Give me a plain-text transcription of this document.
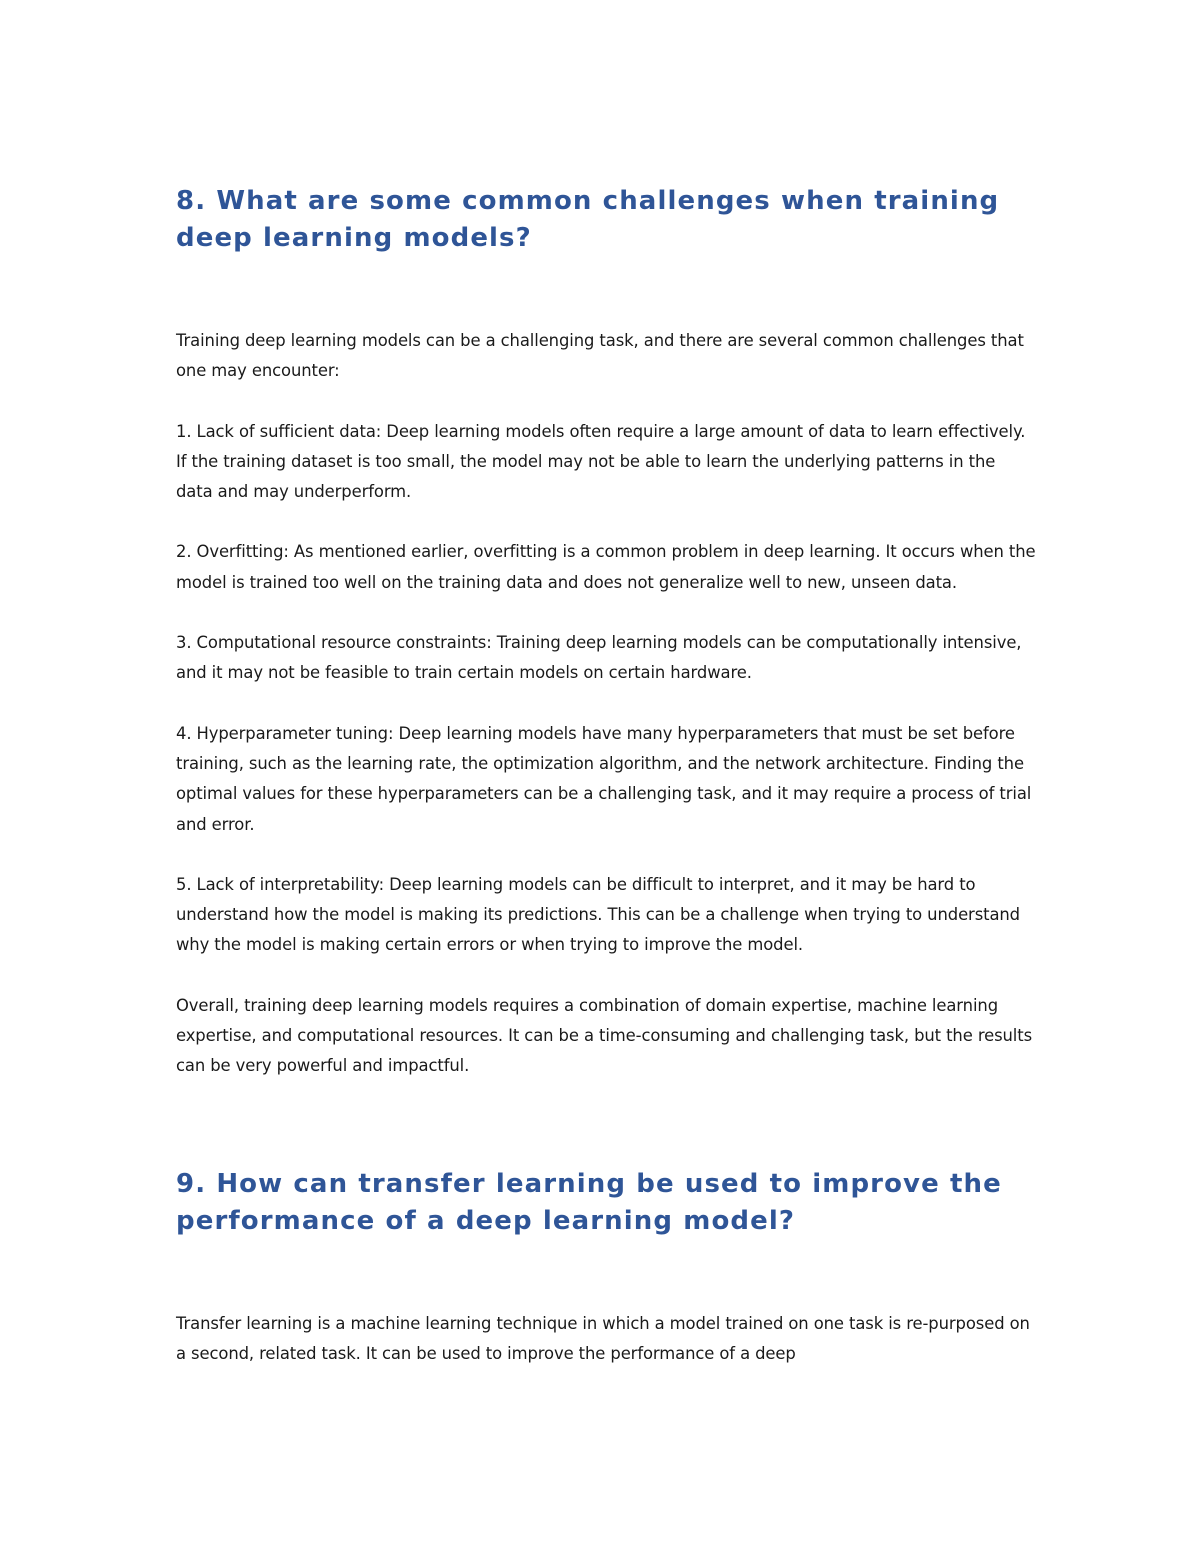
8. What are some common challenges when training deep learning models?

Training deep learning models can be a challenging task, and there are several common challenges that one may encounter:

1. Lack of sufficient data: Deep learning models often require a large amount of data to learn effectively. If the training dataset is too small, the model may not be able to learn the underlying patterns in the data and may underperform.

2. Overfitting: As mentioned earlier, overfitting is a common problem in deep learning. It occurs when the model is trained too well on the training data and does not generalize well to new, unseen data.

3. Computational resource constraints: Training deep learning models can be computationally intensive, and it may not be feasible to train certain models on certain hardware.

4. Hyperparameter tuning: Deep learning models have many hyperparameters that must be set before training, such as the learning rate, the optimization algorithm, and the network architecture. Finding the optimal values for these hyperparameters can be a challenging task, and it may require a process of trial and error.

5. Lack of interpretability: Deep learning models can be difficult to interpret, and it may be hard to understand how the model is making its predictions. This can be a challenge when trying to understand why the model is making certain errors or when trying to improve the model.

Overall, training deep learning models requires a combination of domain expertise, machine learning expertise, and computational resources. It can be a time-consuming and challenging task, but the results can be very powerful and impactful.

9. How can transfer learning be used to improve the performance of a deep learning model?

Transfer learning is a machine learning technique in which a model trained on one task is re-purposed on a second, related task. It can be used to improve the performance of a deep
